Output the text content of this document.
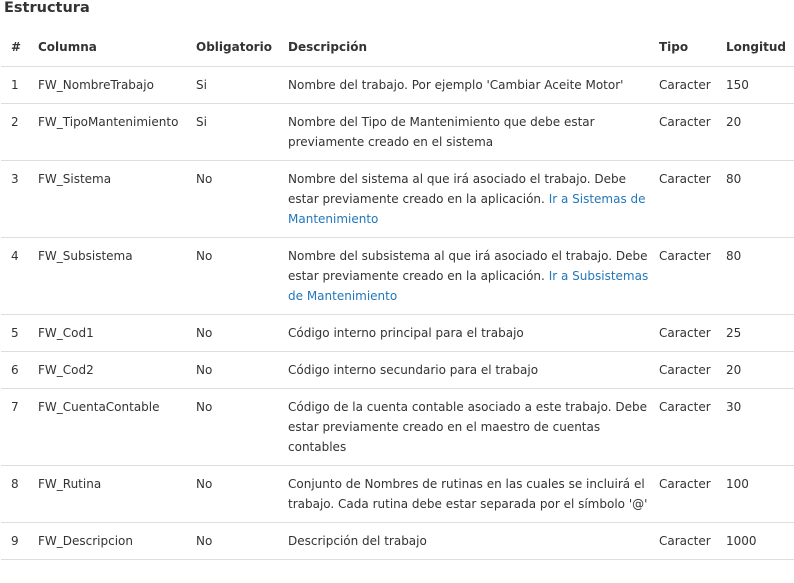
Estructura
#	Columna	Obligatorio	Descripción	Tipo	Longitud
1	FW_NombreTrabajo	Si	Nombre del trabajo. Por ejemplo 'Cambiar Aceite Motor'	Caracter	150
2	FW_TipoMantenimiento	Si	Nombre del Tipo de Mantenimiento que debe estar previamente creado en el sistema	Caracter	20
3	FW_Sistema	No	Nombre del sistema al que irá asociado el trabajo. Debe estar previamente creado en la aplicación. Ir a Sistemas de Mantenimiento	Caracter	80
4	FW_Subsistema	No	Nombre del subsistema al que irá asociado el trabajo. Debe estar previamente creado en la aplicación. Ir a Subsistemas de Mantenimiento	Caracter	80
5	FW_Cod1	No	Código interno principal para el trabajo	Caracter	25
6	FW_Cod2	No	Código interno secundario para el trabajo	Caracter	20
7	FW_CuentaContable	No	Código de la cuenta contable asociado a este trabajo. Debe estar previamente creado en el maestro de cuentas contables	Caracter	30
8	FW_Rutina	No	Conjunto de Nombres de rutinas en las cuales se incluirá el trabajo. Cada rutina debe estar separada por el símbolo '@'	Caracter	100
9	FW_Descripcion	No	Descripción del trabajo	Caracter	1000
